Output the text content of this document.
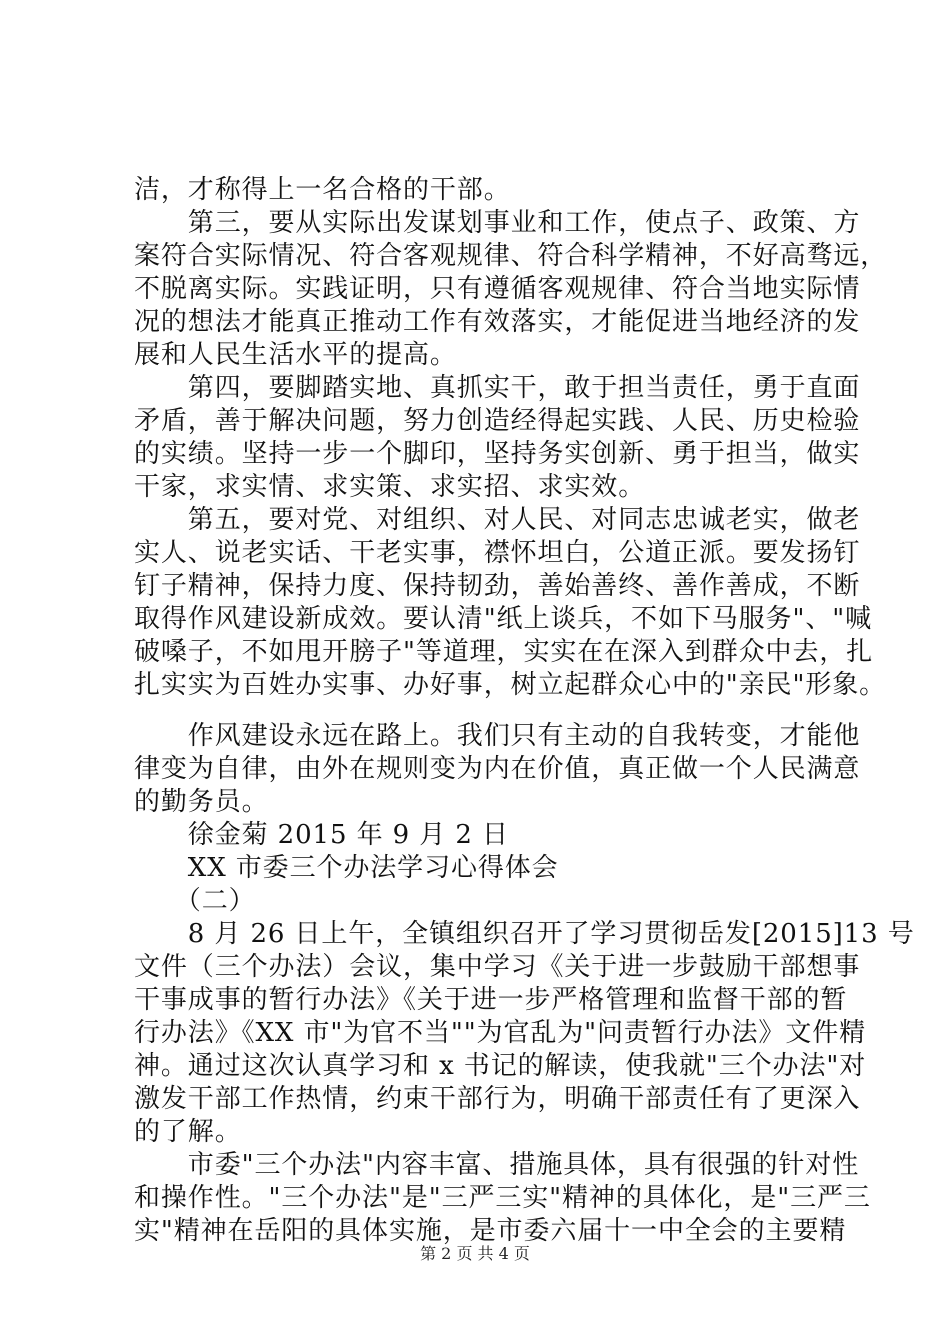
洁，才称得上一名合格的干部。
　　第三，要从实际出发谋划事业和工作，使点子、政策、方
案符合实际情况、符合客观规律、符合科学精神，不好高骛远，
不脱离实际。实践证明，只有遵循客观规律、符合当地实际情
况的想法才能真正推动工作有效落实，才能促进当地经济的发
展和人民生活水平的提高。
　　第四，要脚踏实地、真抓实干，敢于担当责任，勇于直面
矛盾，善于解决问题，努力创造经得起实践、人民、历史检验
的实绩。坚持一步一个脚印，坚持务实创新、勇于担当，做实
干家，求实情、求实策、求实招、求实效。
　　第五，要对党、对组织、对人民、对同志忠诚老实，做老
实人、说老实话、干老实事，襟怀坦白，公道正派。要发扬钉
钉子精神，保持力度、保持韧劲，善始善终、善作善成，不断
取得作风建设新成效。要认清"纸上谈兵，不如下马服务"、"喊
破嗓子，不如甩开膀子"等道理，实实在在深入到群众中去，扎
扎实实为百姓办实事、办好事，树立起群众心中的"亲民"形象。
　　作风建设永远在路上。我们只有主动的自我转变，才能他
律变为自律，由外在规则变为内在价值，真正做一个人民满意
的勤务员。
　　徐金菊 2015 年 9 月 2 日
　　XX 市委三个办法学习心得体会
　　（二）
　　8 月 26 日上午，全镇组织召开了学习贯彻岳发[2015]13 号
文件（三个办法）会议，集中学习《关于进一步鼓励干部想事
干事成事的暂行办法》《关于进一步严格管理和监督干部的暂
行办法》《XX 市"为官不当""为官乱为"问责暂行办法》文件精
神。通过这次认真学习和 x 书记的解读，使我就"三个办法"对
激发干部工作热情，约束干部行为，明确干部责任有了更深入
的了解。
　　市委"三个办法"内容丰富、措施具体，具有很强的针对性
和操作性。"三个办法"是"三严三实"精神的具体化，是"三严三
实"精神在岳阳的具体实施，是市委六届十一中全会的主要精
第 2 页 共 4 页
